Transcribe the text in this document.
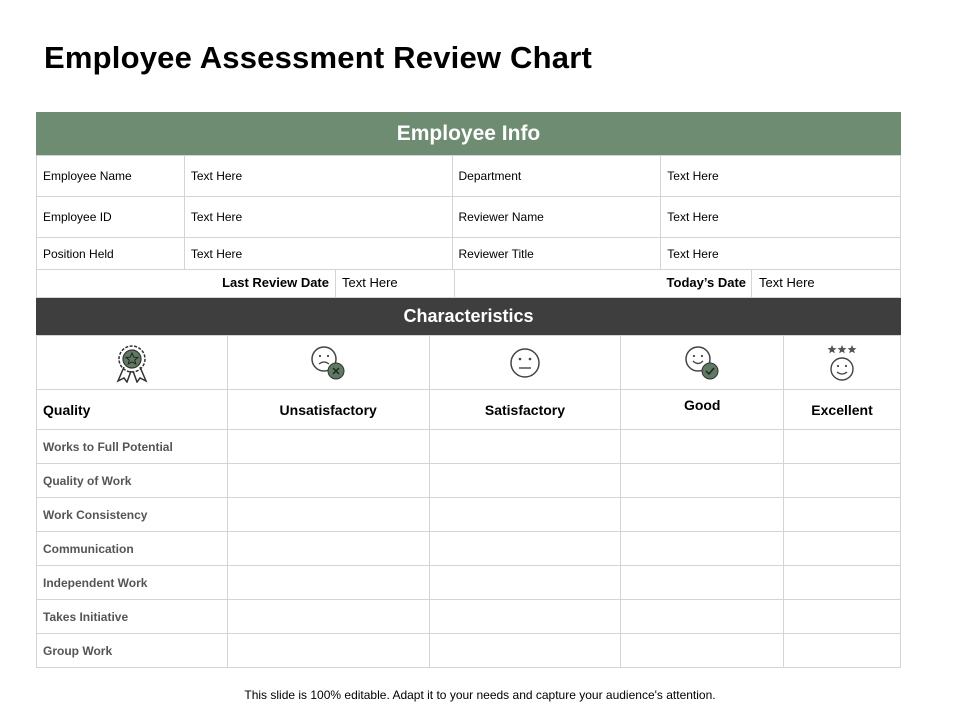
Employee Assessment Review Chart
Employee Info
Employee Name	Text Here	Department	Text Here
Employee ID	Text Here	Reviewer Name	Text Here
Position Held	Text Here	Reviewer Title	Text Here
Last Review Date	Text Here	Today’s Date	Text Here
Characteristics

Quality	Unsatisfactory	Satisfactory	Good	Excellent
Works to Full Potential				
Quality of Work				
Work Consistency				
Communication				
Independent Work				
Takes Initiative				
Group Work				
This slide is 100% editable. Adapt it to your needs and capture your audience's attention.
